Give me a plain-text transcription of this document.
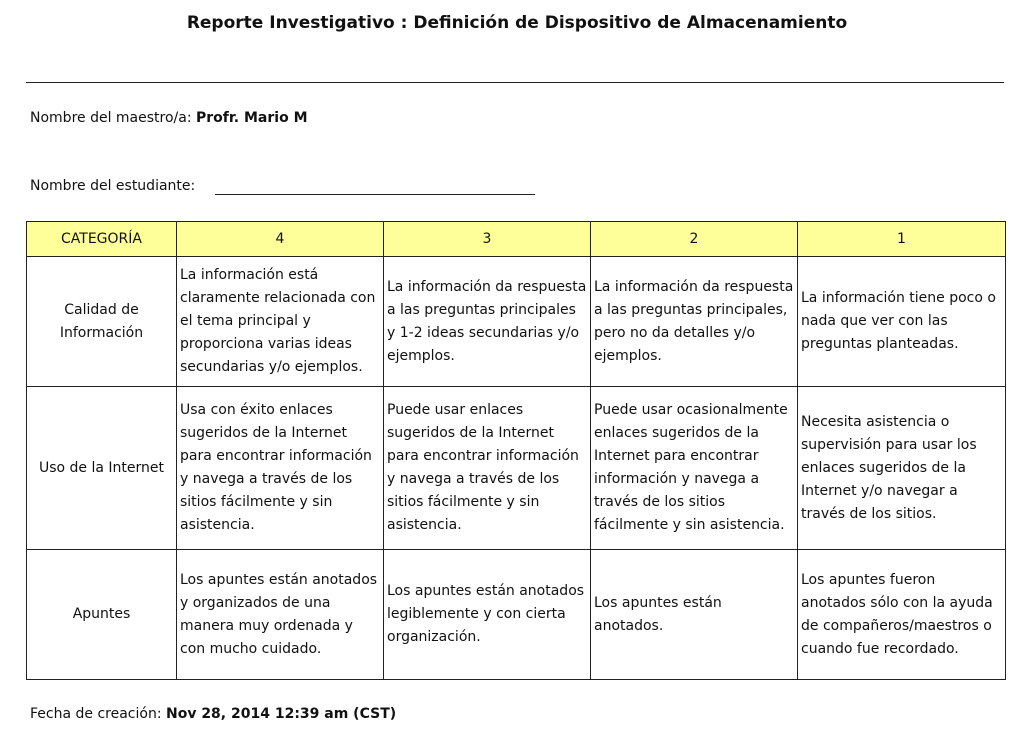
Reporte Investigativo : Definición de Dispositivo de Almacenamiento
Nombre del maestro/a: Profr. Mario M
Nombre del estudiante:
CATEGORÍA	4	3	2	1
Calidad de Información	La información está claramente relacionada con el tema principal y proporciona varias ideas secundarias y/o ejemplos.	La información da respuesta a las preguntas principales y 1-2 ideas secundarias y/o ejemplos.	La información da respuesta a las preguntas principales, pero no da detalles y/o ejemplos.	La información tiene poco o nada que ver con las preguntas planteadas.
Uso de la Internet	Usa con éxito enlaces sugeridos de la Internet para encontrar información y navega a través de los sitios fácilmente y sin asistencia.	Puede usar enlaces sugeridos de la Internet para encontrar información y navega a través de los sitios fácilmente y sin asistencia.	Puede usar ocasionalmente enlaces sugeridos de la Internet para encontrar información y navega a través de los sitios fácilmente y sin asistencia.	Necesita asistencia o supervisión para usar los enlaces sugeridos de la Internet y/o navegar a través de los sitios.
Apuntes	Los apuntes están anotados y organizados de una manera muy ordenada y con mucho cuidado.	Los apuntes están anotados legiblemente y con cierta organización.	Los apuntes están anotados.	Los apuntes fueron anotados sólo con la ayuda de compañeros/maestros o cuando fue recordado.
Fecha de creación: Nov 28, 2014 12:39 am (CST)
